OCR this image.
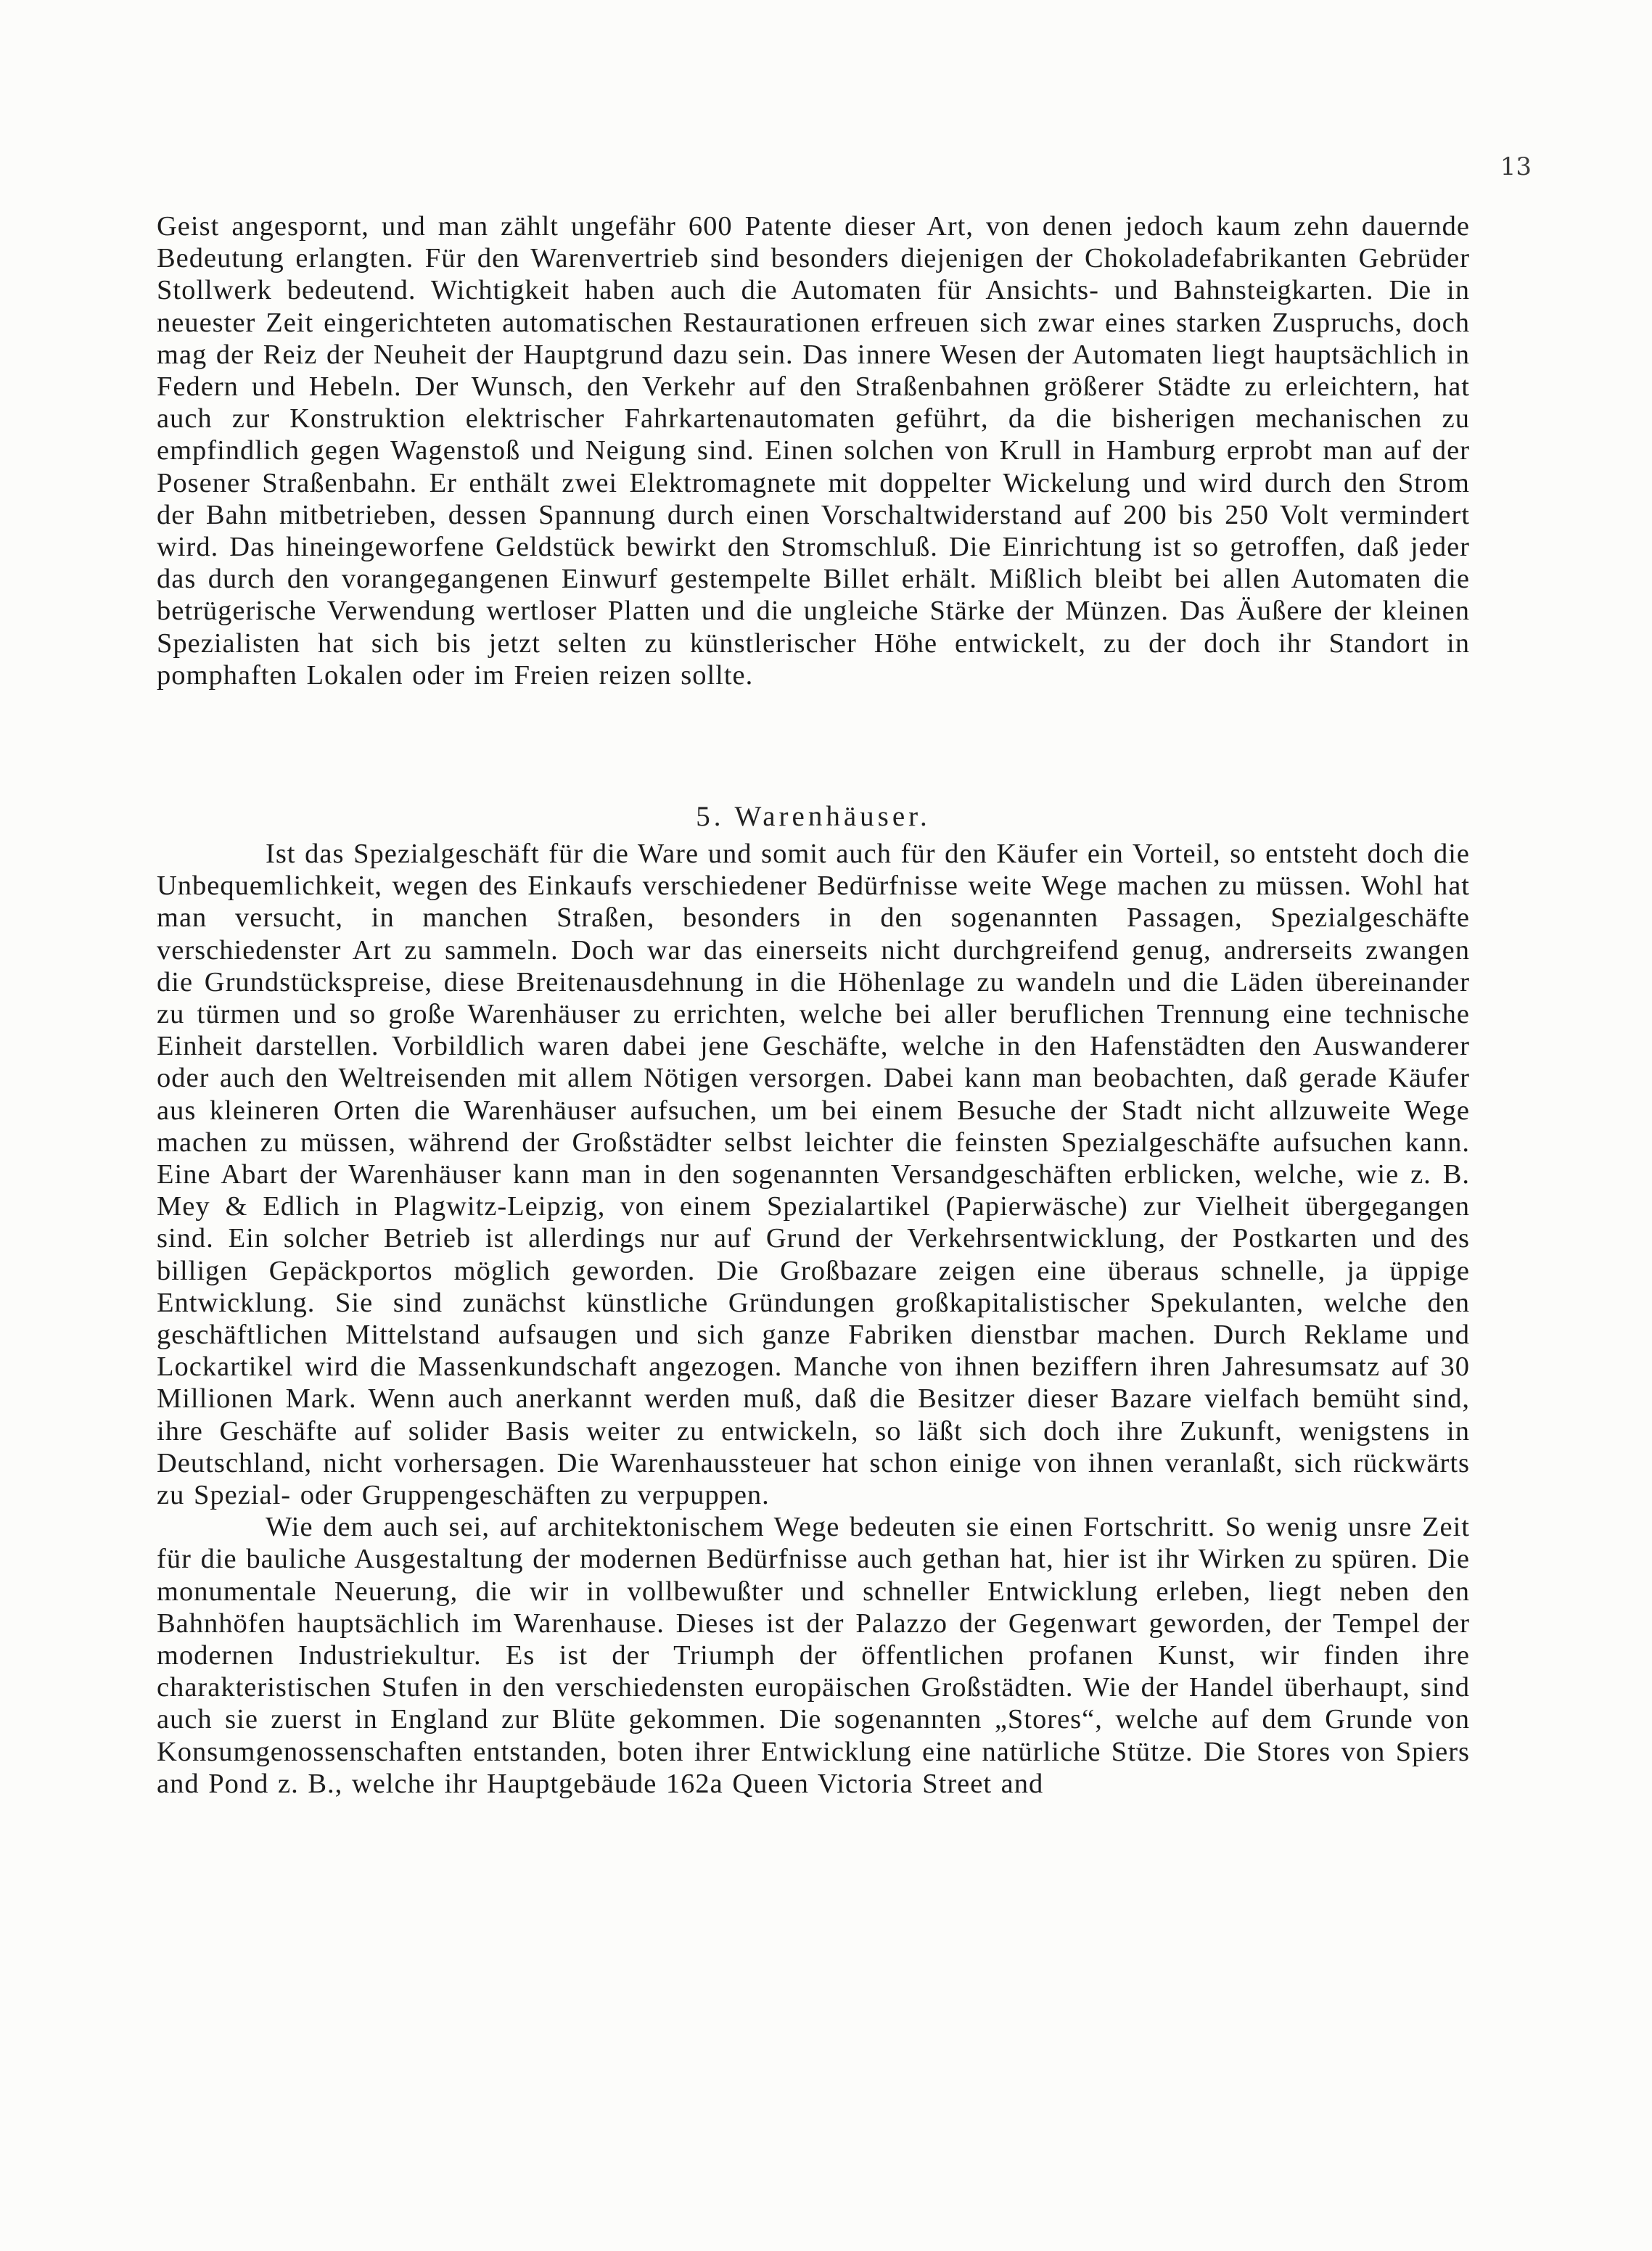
13

Geist angespornt, und man zählt ungefähr 600 Patente dieser Art, von denen jedoch kaum zehn dauernde Bedeutung erlangten. Für den Warenvertrieb sind besonders diejenigen der Chokoladefabrikanten Gebrüder Stollwerk bedeutend. Wichtigkeit haben auch die Automaten für Ansichts- und Bahnsteigkarten. Die in neuester Zeit eingerichteten automatischen Restaurationen erfreuen sich zwar eines starken Zuspruchs, doch mag der Reiz der Neuheit der Hauptgrund dazu sein. Das innere Wesen der Automaten liegt hauptsächlich in Federn und Hebeln. Der Wunsch, den Verkehr auf den Straßenbahnen größerer Städte zu erleichtern, hat auch zur Konstruktion elektrischer Fahrkartenautomaten geführt, da die bisherigen mechanischen zu empfindlich gegen Wagenstoß und Neigung sind. Einen solchen von Krull in Hamburg erprobt man auf der Posener Straßenbahn. Er enthält zwei Elektromagnete mit doppelter Wickelung und wird durch den Strom der Bahn mitbetrieben, dessen Spannung durch einen Vorschaltwiderstand auf 200 bis 250 Volt vermindert wird. Das hineingeworfene Geldstück bewirkt den Stromschluß. Die Einrichtung ist so getroffen, daß jeder das durch den vorangegangenen Einwurf gestempelte Billet erhält. Mißlich bleibt bei allen Automaten die betrügerische Verwendung wertloser Platten und die ungleiche Stärke der Münzen. Das Äußere der kleinen Spezialisten hat sich bis jetzt selten zu künstlerischer Höhe entwickelt, zu der doch ihr Standort in pomphaften Lokalen oder im Freien reizen sollte.

5. Warenhäuser.

Ist das Spezialgeschäft für die Ware und somit auch für den Käufer ein Vorteil, so entsteht doch die Unbequemlichkeit, wegen des Einkaufs verschiedener Bedürfnisse weite Wege machen zu müssen. Wohl hat man versucht, in manchen Straßen, besonders in den sogenannten Passagen, Spezialgeschäfte verschiedenster Art zu sammeln. Doch war das einerseits nicht durchgreifend genug, andrerseits zwangen die Grundstückspreise, diese Breitenausdehnung in die Höhenlage zu wandeln und die Läden übereinander zu türmen und so große Warenhäuser zu errichten, welche bei aller beruflichen Trennung eine technische Einheit darstellen. Vorbildlich waren dabei jene Geschäfte, welche in den Hafenstädten den Auswanderer oder auch den Weltreisenden mit allem Nötigen versorgen. Dabei kann man beobachten, daß gerade Käufer aus kleineren Orten die Warenhäuser aufsuchen, um bei einem Besuche der Stadt nicht allzuweite Wege machen zu müssen, während der Großstädter selbst leichter die feinsten Spezialgeschäfte aufsuchen kann. Eine Abart der Warenhäuser kann man in den sogenannten Versandgeschäften erblicken, welche, wie z. B. Mey & Edlich in Plagwitz-Leipzig, von einem Spezialartikel (Papierwäsche) zur Vielheit übergegangen sind. Ein solcher Betrieb ist allerdings nur auf Grund der Verkehrsentwicklung, der Postkarten und des billigen Gepäckportos möglich geworden. Die Großbazare zeigen eine überaus schnelle, ja üppige Entwicklung. Sie sind zunächst künstliche Gründungen großkapitalistischer Spekulanten, welche den geschäftlichen Mittelstand aufsaugen und sich ganze Fabriken dienstbar machen. Durch Reklame und Lockartikel wird die Massenkundschaft angezogen. Manche von ihnen beziffern ihren Jahresumsatz auf 30 Millionen Mark. Wenn auch anerkannt werden muß, daß die Besitzer dieser Bazare vielfach bemüht sind, ihre Geschäfte auf solider Basis weiter zu entwickeln, so läßt sich doch ihre Zukunft, wenigstens in Deutschland, nicht vorhersagen. Die Warenhaussteuer hat schon einige von ihnen veranlaßt, sich rückwärts zu Spezial- oder Gruppengeschäften zu verpuppen.

Wie dem auch sei, auf architektonischem Wege bedeuten sie einen Fortschritt. So wenig unsre Zeit für die bauliche Ausgestaltung der modernen Bedürfnisse auch gethan hat, hier ist ihr Wirken zu spüren. Die monumentale Neuerung, die wir in vollbewußter und schneller Entwicklung erleben, liegt neben den Bahnhöfen hauptsächlich im Warenhause. Dieses ist der Palazzo der Gegenwart geworden, der Tempel der modernen Industriekultur. Es ist der Triumph der öffentlichen profanen Kunst, wir finden ihre charakteristischen Stufen in den verschiedensten europäischen Großstädten. Wie der Handel überhaupt, sind auch sie zuerst in England zur Blüte gekommen. Die sogenannten „Stores“, welche auf dem Grunde von Konsumgenossenschaften entstanden, boten ihrer Entwicklung eine natürliche Stütze. Die Stores von Spiers and Pond z. B., welche ihr Hauptgebäude 162a Queen Victoria Street and
